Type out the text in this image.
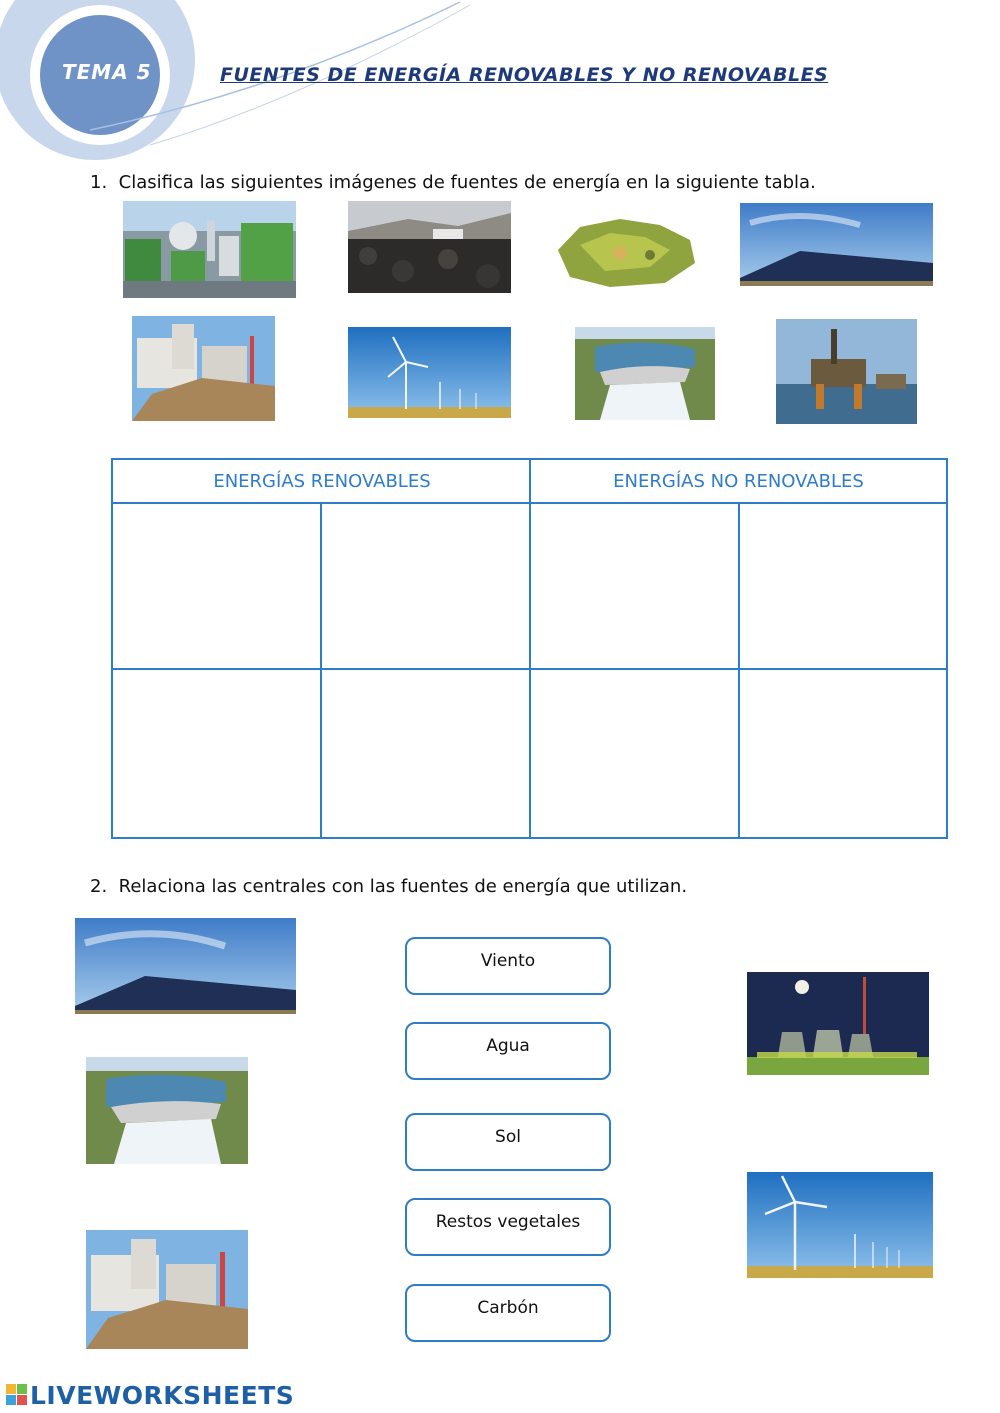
TEMA 5	FUENTES DE ENERGÍA RENOVABLES Y NO RENOVABLES
1. Clasifica las siguientes imágenes de fuentes de energía en la siguiente tabla.
ENERGÍAS RENOVABLES	ENERGÍAS NO RENOVABLES
2. Relaciona las centrales con las fuentes de energía que utilizan.
Viento
Agua
Sol
Restos vegetales
Carbón
LIVEWORKSHEETS
